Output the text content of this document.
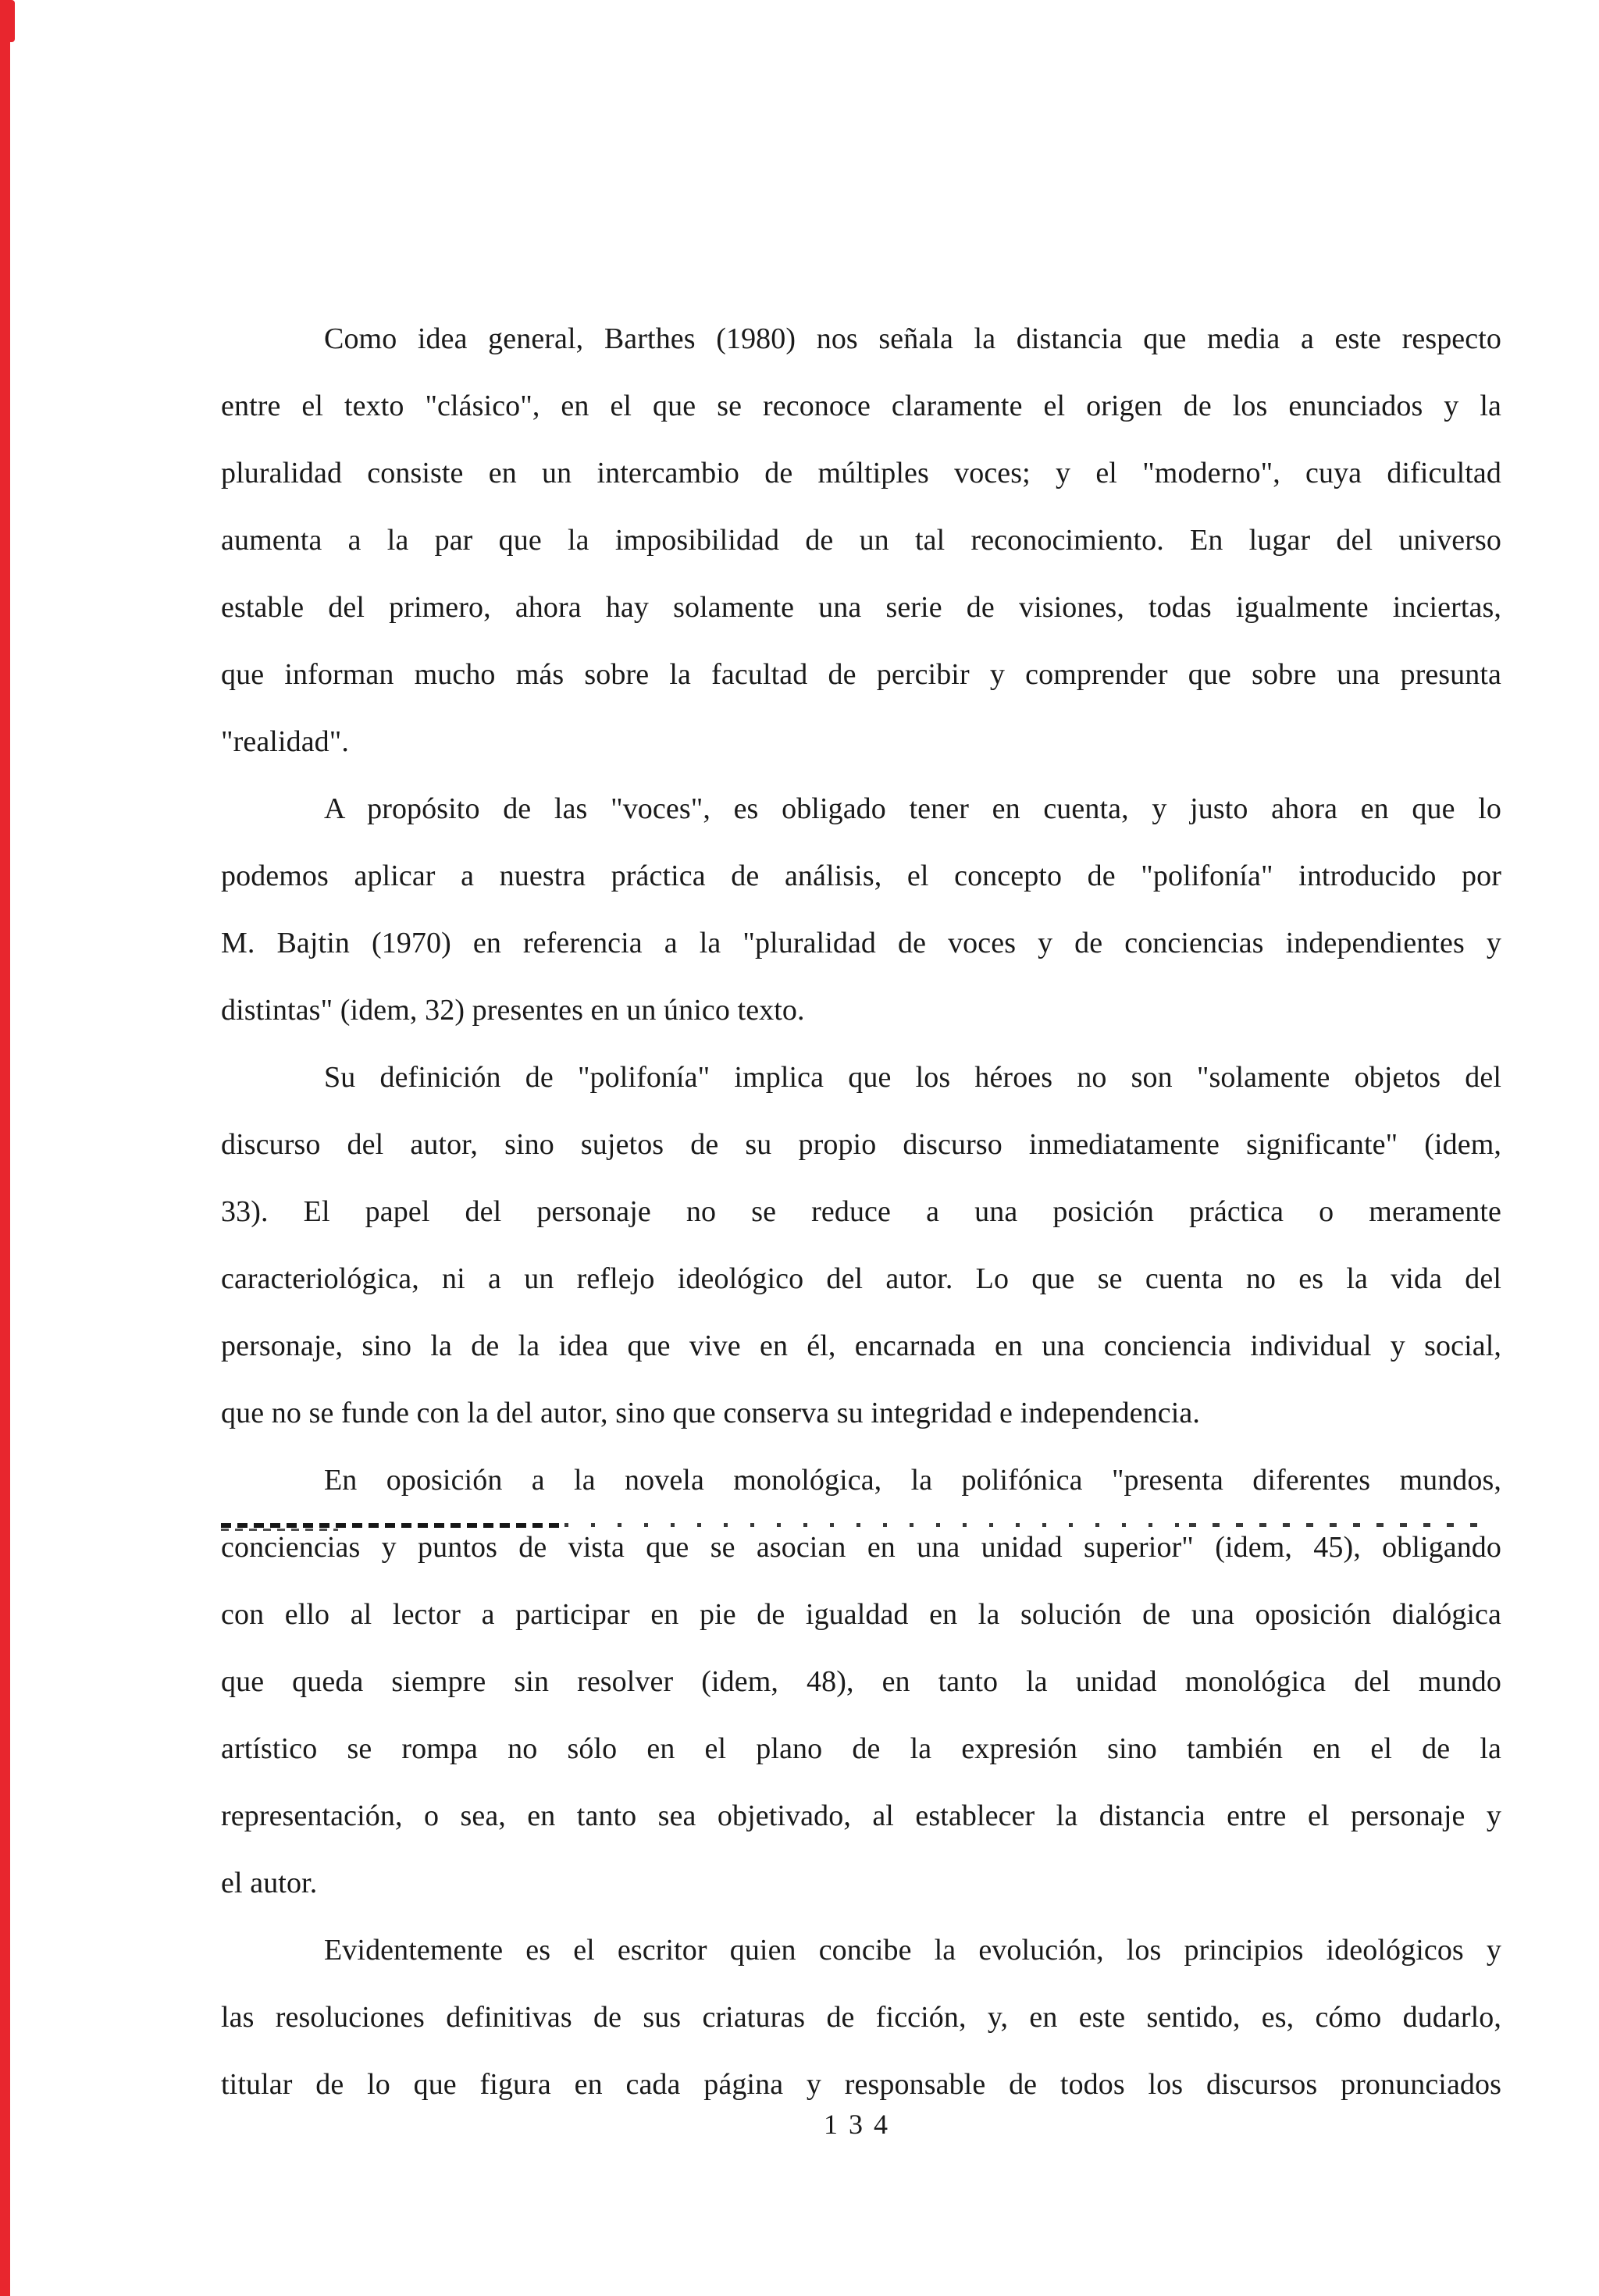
Como idea general, Barthes (1980) nos señala la distancia que media a este respecto
entre el texto "clásico", en el que se reconoce claramente el origen de los enunciados y la
pluralidad consiste en un intercambio de múltiples voces; y el "moderno", cuya dificultad
aumenta a la par que la imposibilidad de un tal reconocimiento. En lugar del universo
estable del primero, ahora hay solamente una serie de visiones, todas igualmente inciertas,
que informan mucho más sobre la facultad de percibir y comprender que sobre una presunta
"realidad".
A propósito de las "voces", es obligado tener en cuenta, y justo ahora en que lo
podemos aplicar a nuestra práctica de análisis, el concepto de "polifonía" introducido por
M. Bajtin (1970) en referencia a la "pluralidad de voces y de conciencias independientes y
distintas" (idem, 32) presentes en un único texto.
Su definición de "polifonía" implica que los héroes no son "solamente objetos del
discurso del autor, sino sujetos de su propio discurso inmediatamente significante" (idem,
33). El papel del personaje no se reduce a una posición práctica o meramente
caracteriológica, ni a un reflejo ideológico del autor. Lo que se cuenta no es la vida del
personaje, sino la de la idea que vive en él, encarnada en una conciencia individual y social,
que no se funde con la del autor, sino que conserva su integridad e independencia.
En oposición a la novela monológica, la polifónica "presenta diferentes mundos,
conciencias y puntos de vista que se asocian en una unidad superior" (idem, 45), obligando
con ello al lector a participar en pie de igualdad en la solución de una oposición dialógica
que queda siempre sin resolver (idem, 48), en tanto la unidad monológica del mundo
artístico se rompa no sólo en el plano de la expresión sino también en el de la
representación, o sea, en tanto sea objetivado, al establecer la distancia entre el personaje y
el autor.
Evidentemente es el escritor quien concibe la evolución, los principios ideológicos y
las resoluciones definitivas de sus criaturas de ficción, y, en este sentido, es, cómo dudarlo,
titular de lo que figura en cada página y responsable de todos los discursos pronunciados
134
